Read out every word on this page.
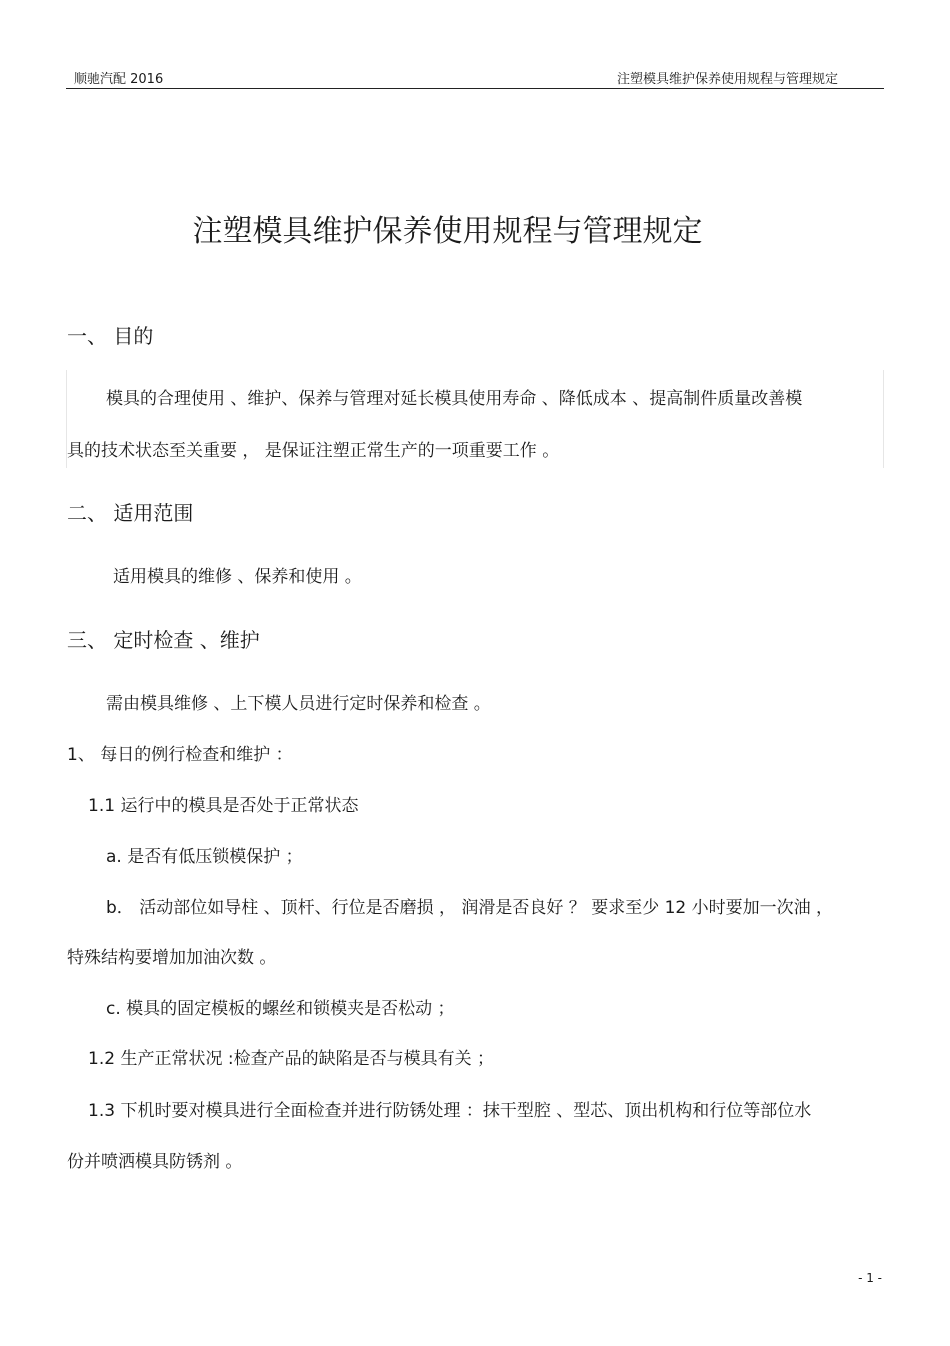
顺驰汽配 2016	注塑模具维护保养使用规程与管理规定
注塑模具维护保养使用规程与管理规定
一、 目的
模具的合理使用 、维护、保养与管理对延长模具使用寿命 、降低成本 、提高制件质量改善模
具的技术状态至关重要 ， 是保证注塑正常生产的一项重要工作 。
二、 适用范围
适用模具的维修 、保养和使用 。
三、 定时检查 、维护
需由模具维修 、上下模人员进行定时保养和检查 。
1、 每日的例行检查和维护 ：
1.1 运行中的模具是否处于正常状态
a. 是否有低压锁模保护 ；
b． 活动部位如导柱 、顶杆、行位是否磨损 ， 润滑是否良好 ？ 要求至少 12 小时要加一次油 ，
特殊结构要增加加油次数 。
c. 模具的固定模板的螺丝和锁模夹是否松动 ；
1.2 生产正常状况 :检查产品的缺陷是否与模具有关 ；
1.3 下机时要对模具进行全面检查并进行防锈处理 ：抹干型腔 、型芯、顶出机构和行位等部位水
份并喷洒模具防锈剂 。
- 1 -
